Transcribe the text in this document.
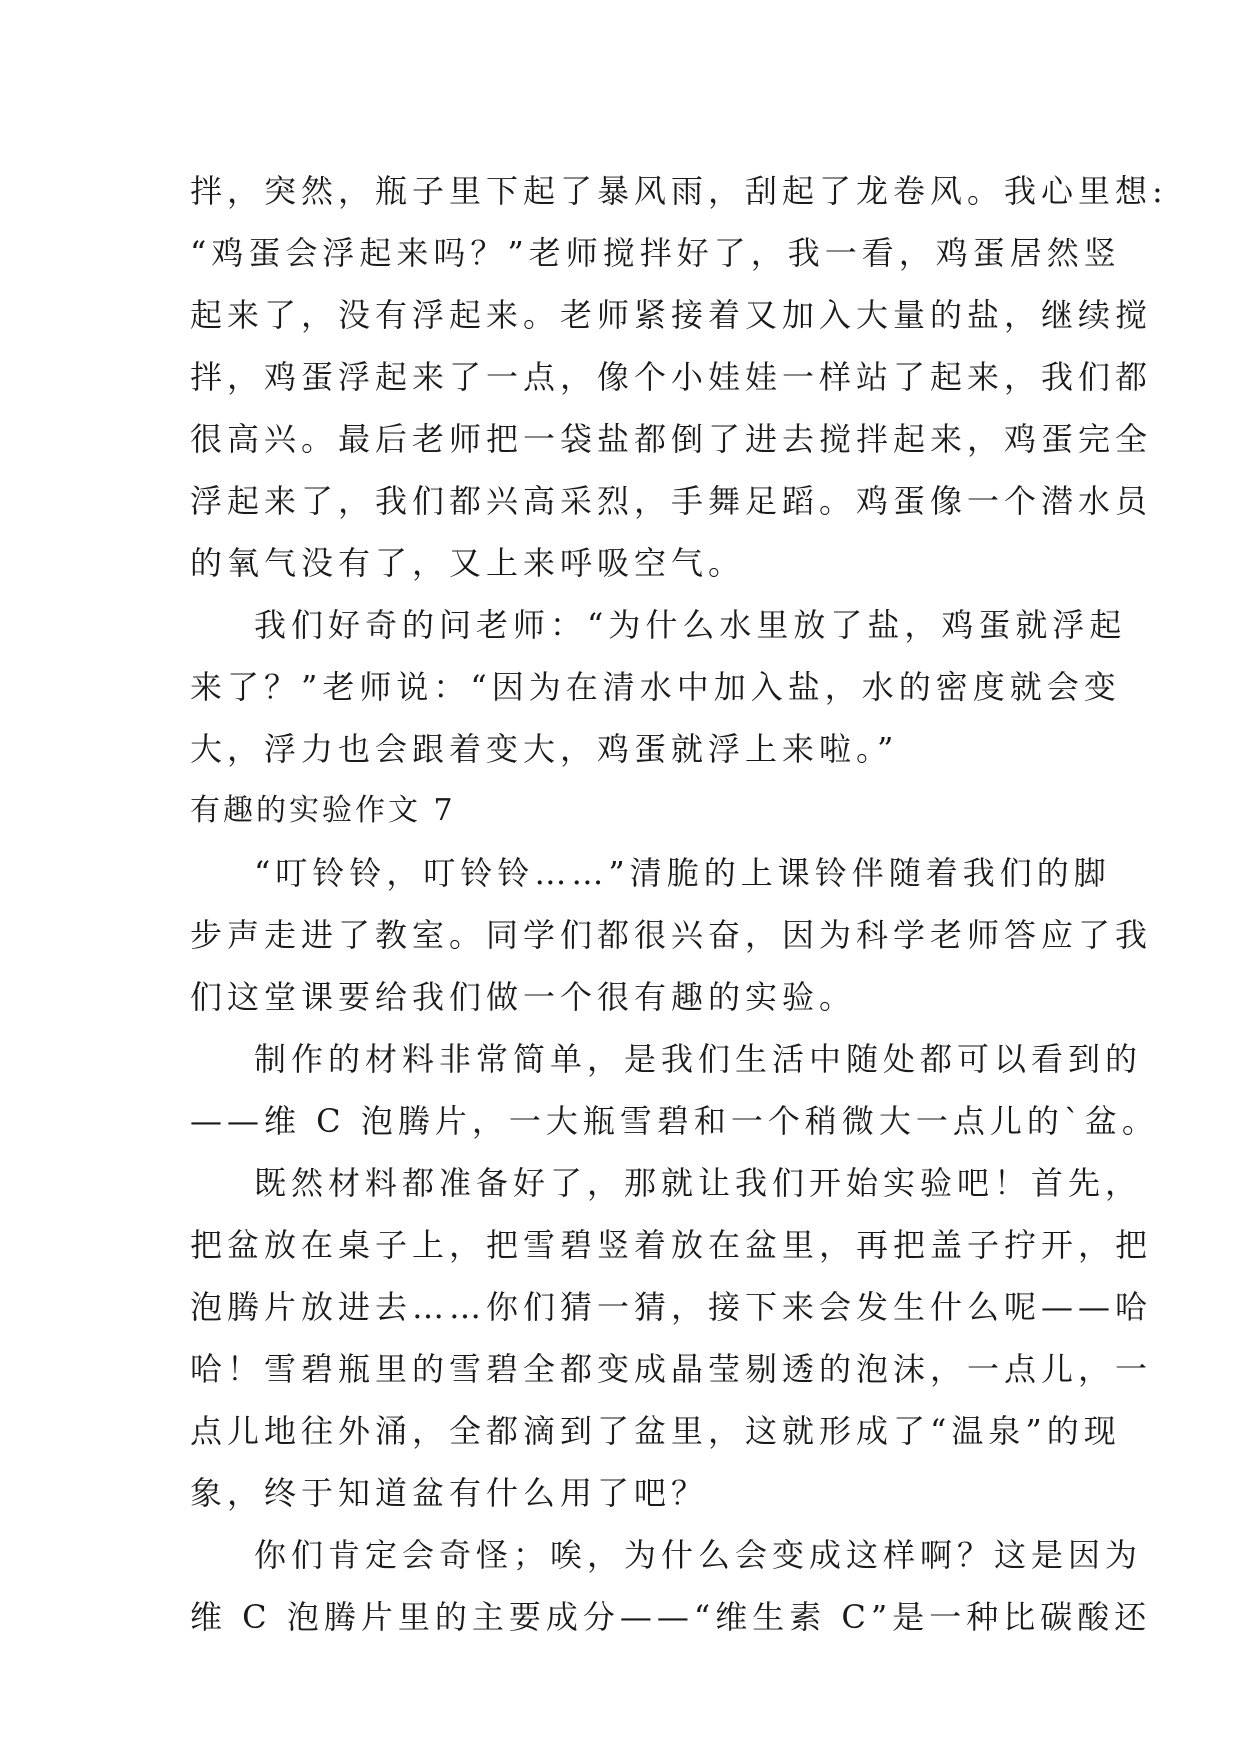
拌，突然，瓶子里下起了暴风雨，刮起了龙卷风。我心里想:
“鸡蛋会浮起来吗？”老师搅拌好了，我一看，鸡蛋居然竖
起来了，没有浮起来。老师紧接着又加入大量的盐，继续搅
拌，鸡蛋浮起来了一点，像个小娃娃一样站了起来，我们都
很高兴。最后老师把一袋盐都倒了进去搅拌起来，鸡蛋完全
浮起来了，我们都兴高采烈，手舞足蹈。鸡蛋像一个潜水员
的氧气没有了，又上来呼吸空气。
我们好奇的问老师：“为什么水里放了盐，鸡蛋就浮起
来了？”老师说：“因为在清水中加入盐，水的密度就会变
大，浮力也会跟着变大，鸡蛋就浮上来啦。”
有趣的实验作文 7
“叮铃铃，叮铃铃……”清脆的上课铃伴随着我们的脚
步声走进了教室。同学们都很兴奋，因为科学老师答应了我
们这堂课要给我们做一个很有趣的实验。
制作的材料非常简单，是我们生活中随处都可以看到的
——维 C 泡腾片，一大瓶雪碧和一个稍微大一点儿的`盆。
既然材料都准备好了，那就让我们开始实验吧！首先，
把盆放在桌子上，把雪碧竖着放在盆里，再把盖子拧开，把
泡腾片放进去……你们猜一猜，接下来会发生什么呢——哈
哈！雪碧瓶里的雪碧全都变成晶莹剔透的泡沫，一点儿，一
点儿地往外涌，全都滴到了盆里，这就形成了“温泉”的现
象，终于知道盆有什么用了吧？
你们肯定会奇怪；唉，为什么会变成这样啊？这是因为
维 C 泡腾片里的主要成分——“维生素 C”是一种比碳酸还
